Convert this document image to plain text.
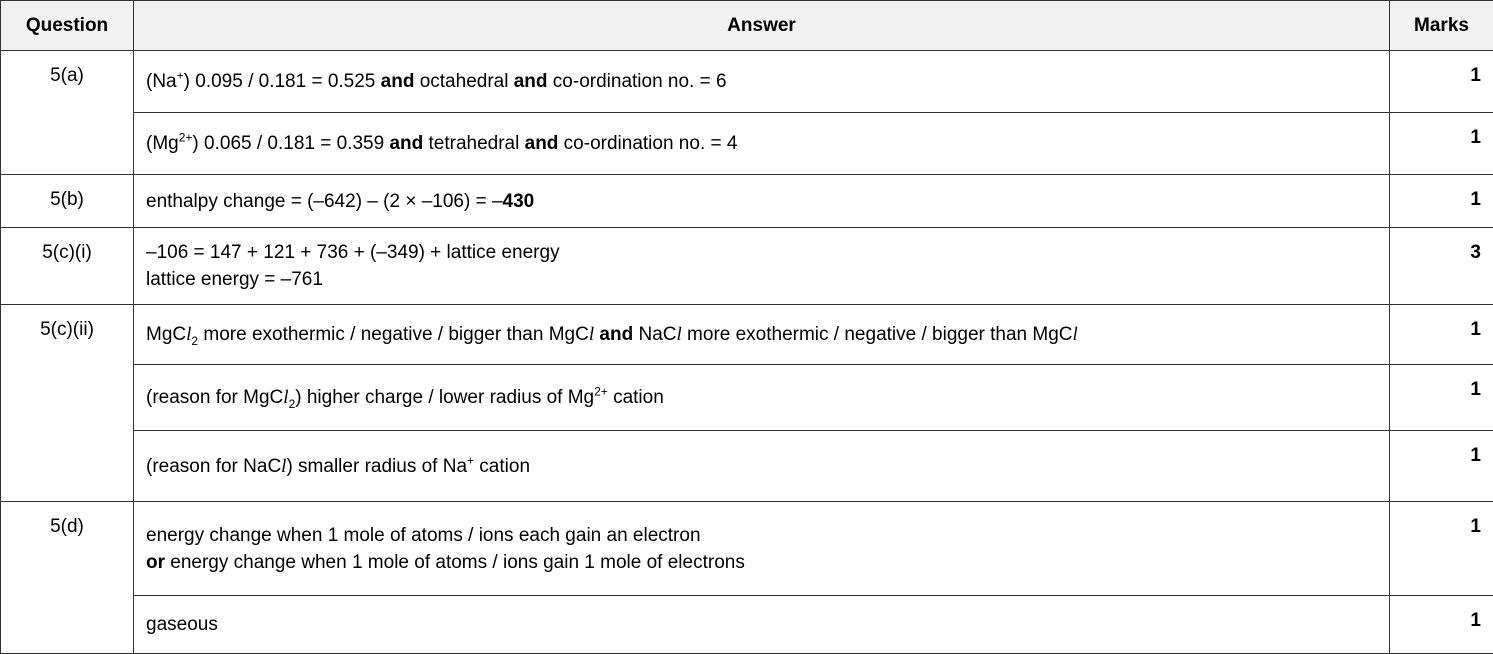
Question	Answer	Marks
5(a)	(Na+) 0.095 / 0.181 = 0.525 and octahedral and co-ordination no. = 6	1

	$(Mg^{2+})$ 0.065 / 0.181 = 0.359 and tetrahedral and co-ordination no. = 4	1
5(b)	enthalpy change = (–642) – (2 × –106) = –430	1
5(c)(i)	–106 = 147 + 121 + 736 + (–349) + lattice energy
lattice energy = –761	3
5(c)(ii)	MgCl$_2$ more exothermic / negative / bigger than MgCl and NaCl more exothermic / negative / bigger than MgCl	1

	(reason for MgCl$_2$) higher charge / lower radius of $Mg^{2+}$ cation	1

	(reason for NaCl) smaller radius of Na+ cation	1
5(d)	energy change when 1 mole of atoms / ions each gain an electron
or energy change when 1 mole of atoms / ions gain 1 mole of electrons	1

	gaseous	1
